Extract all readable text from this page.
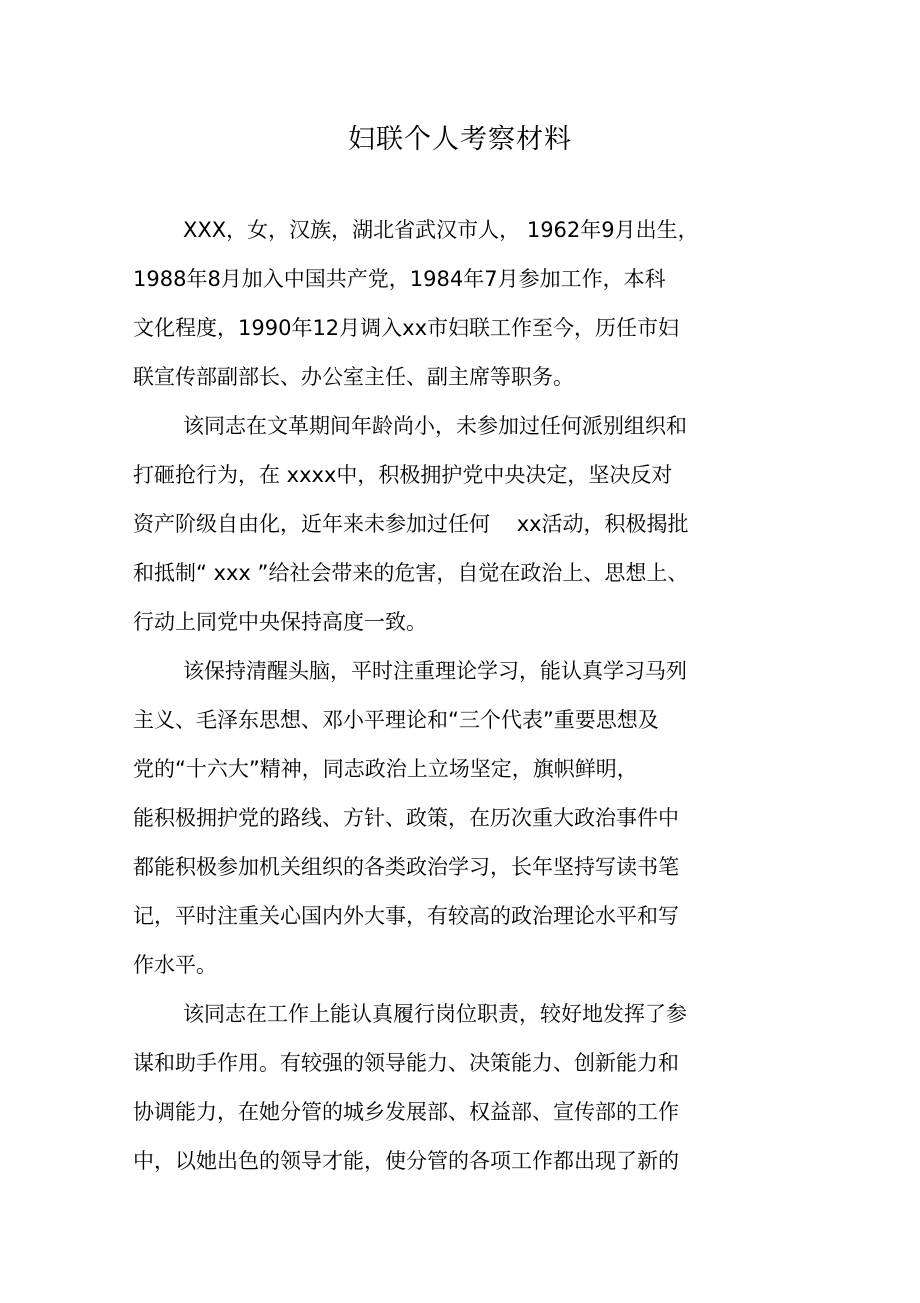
妇联个人考察材料

XXX，女，汉族，湖北省武汉市人， 1962年9月出生，

1988年8月加入中国共产党，1984年7月参加工作，本科

文化程度，1990年12月调入xx市妇联工作至今，历任市妇

联宣传部副部长、办公室主任、副主席等职务。

该同志在文革期间年龄尚小，未参加过任何派别组织和

打砸抢行为，在 xxxx中，积极拥护党中央决定，坚决反对

资产阶级自由化，近年来未参加过任何    xx活动，积极揭批

和抵制“ xxx ”给社会带来的危害，自觉在政治上、思想上、

行动上同党中央保持高度一致。

该保持清醒头脑，平时注重理论学习，能认真学习马列

主义、毛泽东思想、邓小平理论和“三个代表”重要思想及

党的“十六大”精神，同志政治上立场坚定，旗帜鲜明，

能积极拥护党的路线、方针、政策，在历次重大政治事件中

都能积极参加机关组织的各类政治学习，长年坚持写读书笔

记，平时注重关心国内外大事，有较高的政治理论水平和写

作水平。

该同志在工作上能认真履行岗位职责，较好地发挥了参

谋和助手作用。有较强的领导能力、决策能力、创新能力和

协调能力，在她分管的城乡发展部、权益部、宣传部的工作

中，以她出色的领导才能，使分管的各项工作都出现了新的
